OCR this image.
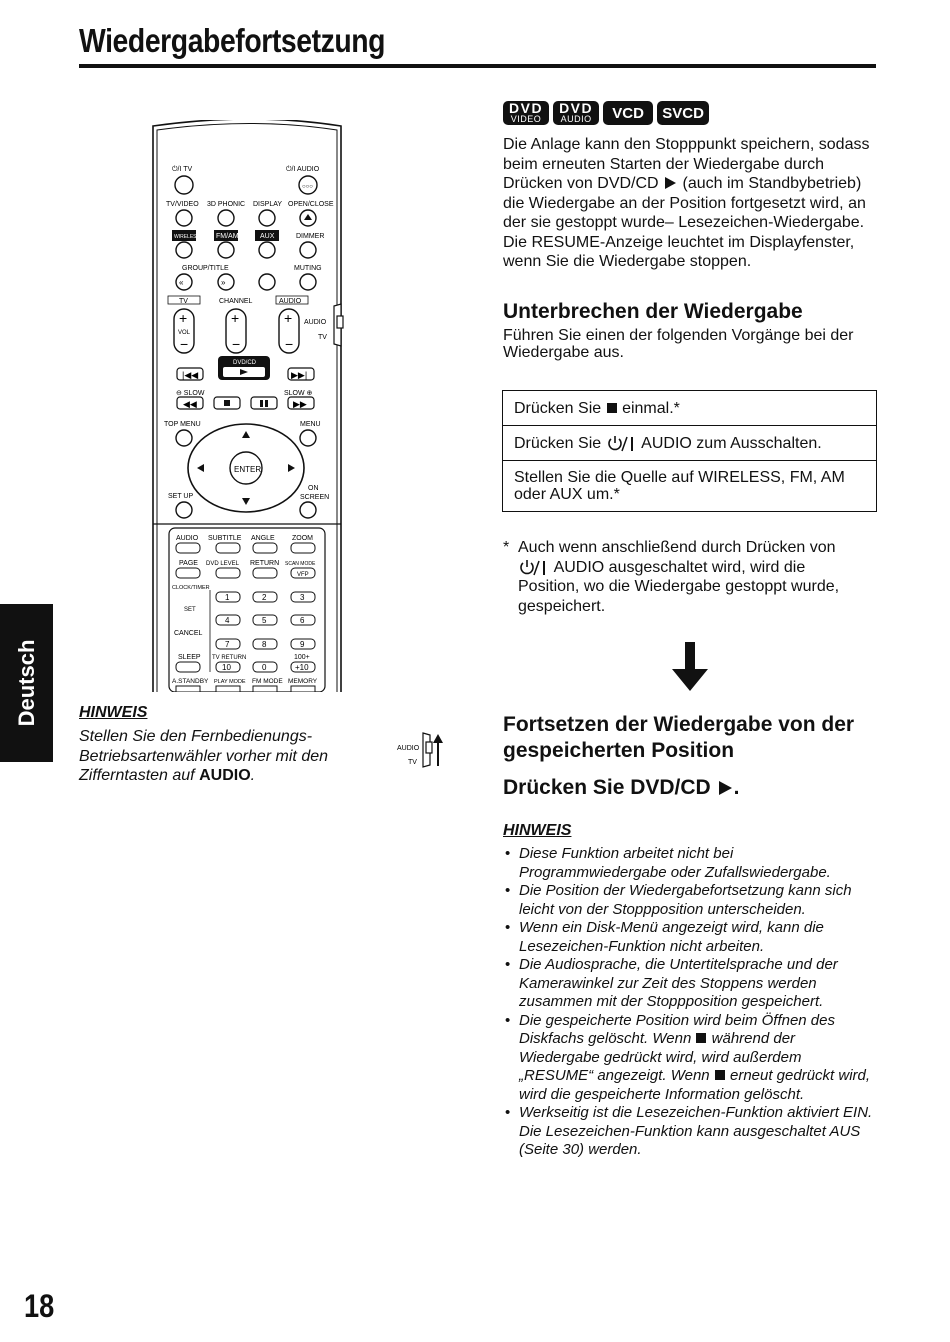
Wiedergabefortsetzung
Deutsch
18
AUDIO
TV
⏻/I TV	⏻/I AUDIO
○○○
TV/VIDEO 3D PHONIC DISPLAY OPEN/CLOSE
WIRELESS FM/AM	AUX	DIMMER
GROUP/TITLE	MUTING
«	»
TV	CHANNEL	AUDIO
+
−
+
−
+
−
VOL
DVD/CD
|◀◀	▶▶|
⊖ SLOW	SLOW ⊕
◀◀	▶▶
TOP MENU	MENU
ENTER
SET UP
ON
SCREEN
AUDIO SUBTITLE ANGLE ZOOM
PAGE DVD LEVEL RETURN SCAN MODE
VFP
CLOCK/TIMER
1	2	3
SET
4	5	6
CANCEL
7	8	9
SLEEP TV RETURN	100+
10	0	+10
A.STANDBY PLAY MODE FM MODE MEMORY
DVD
VIDEO
DVD
AUDIO	VCD	SVCD
Die Anlage kann den Stopppunkt speichern, sodass beim erneuten Starten der Wiedergabe durch Drücken von DVD/CD (auch im Standbybetrieb) die Wiedergabe an der Position fortgesetzt wird, an der sie gestoppt wurde– Lesezeichen-Wiedergabe. Die RESUME-Anzeige leuchtet im Displayfenster, wenn Sie die Wiedergabe stoppen.
Unterbrechen der Wiedergabe
Führen Sie einen der folgenden Vorgänge bei der Wiedergabe aus.
Drücken Sie einmal.*
Drücken Sie	AUDIO zum Ausschalten.
Stellen Sie die Quelle auf WIRELESS, FM, AM oder AUX um.*
* Auch wenn anschließend durch Drücken von  AUDIO ausgeschaltet wird, wird die Position, wo die Wiedergabe gestoppt wurde, gespeichert.
Fortsetzen der Wiedergabe von der gespeicherten Position
Drücken Sie DVD/CD .
HINWEIS
• Diese Funktion arbeitet nicht bei Programmwiedergabe oder Zufallswiedergabe.
• Die Position der Wiedergabefortsetzung kann sich leicht von der Stoppposition unterscheiden.
• Wenn ein Disk-Menü angezeigt wird, kann die Lesezeichen-Funktion nicht arbeiten.
• Die Audiosprache, die Untertitelsprache und der Kamerawinkel zur Zeit des Stoppens werden zusammen mit der Stoppposition gespeichert.
• Die gespeicherte Position wird beim Öffnen des Diskfachs gelöscht. Wenn während der Wiedergabe gedrückt wird, wird außerdem „RESUME“ angezeigt. Wenn erneut gedrückt wird, wird die gespeicherte Information gelöscht.
• Werkseitig ist die Lesezeichen-Funktion aktiviert EIN. Die Lesezeichen-Funktion kann ausgeschaltet AUS (Seite 30) werden.
HINWEIS
Stellen Sie den Fernbedienungs-Betriebsartenwähler vorher mit den Zifferntasten auf AUDIO.
AUDIO
TV
